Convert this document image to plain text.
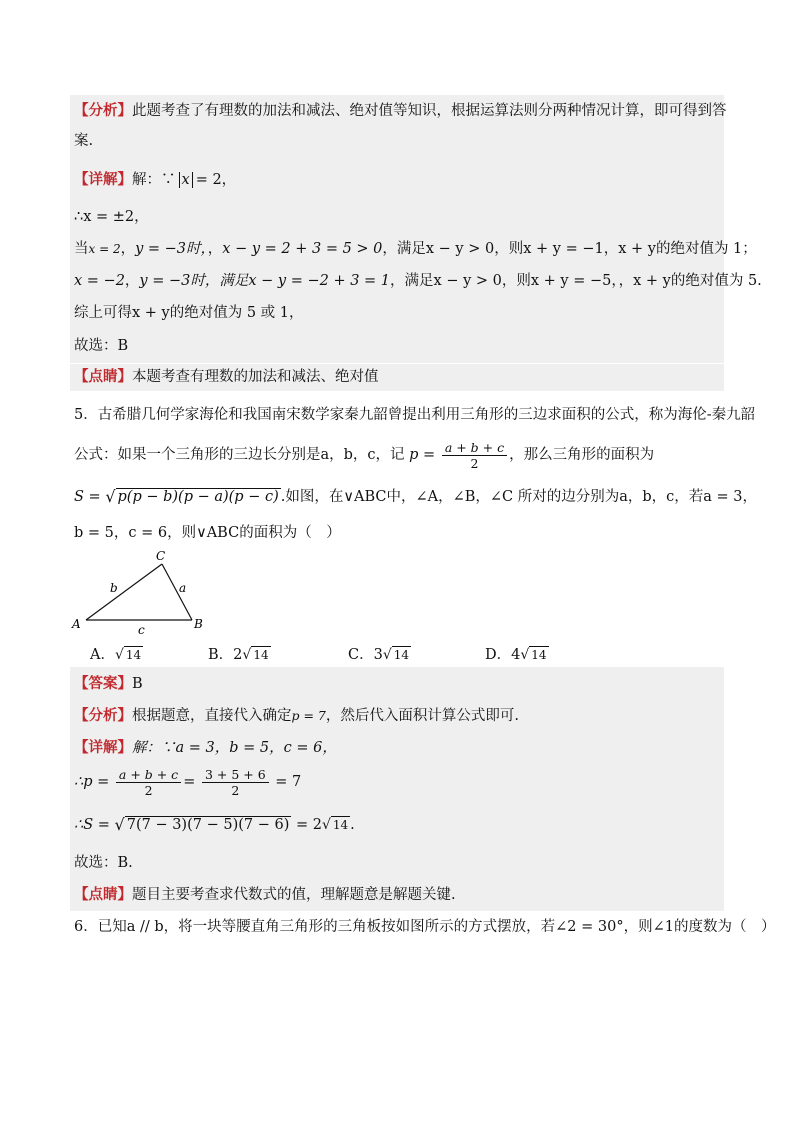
【分析】此题考查了有理数的加法和减法、绝对值等知识，根据运算法则分两种情况计算，即可得到答
案.
【详解】解：∵ x = 2，
∴x = ±2，
当x = 2，y = −3时，，x − y = 2 + 3 = 5 > 0，满足x − y > 0，则x + y = −1，x + y的绝对值为 1；
x = −2，y = −3时，满足x − y = −2 + 3 = 1，满足x − y > 0，则x + y = −5，，x + y的绝对值为 5.
综上可得x + y的绝对值为 5 或 1，
故选：B
【点睛】本题考查有理数的加法和减法、绝对值
5．古希腊几何学家海伦和我国南宋数学家秦九韶曾提出利用三角形的三边求面积的公式，称为海伦-秦九韶
公式：如果一个三角形的三边长分别是a，b，c，记 $p = \frac{a + b + c}{2}$ ，那么三角形的面积为
S = √ p(p − b)(p − a)(p − c) .如图，在∨ABC中，∠A，∠B，∠C 所对的边分别为a，b，c，若a = 3，
b = 5，c = 6，则∨ABC的面积为（　）
A	B
C
a
b
c
A． √ 14	B．2 √ 14	C．3 √ 14	D．4 √ 14
【答案】B
【分析】根据题意，直接代入确定p = 7，然后代入面积计算公式即可.
【详解】解：∵a = 3，b = 5，c = 6，
∴p = $\frac{a + b + c}{2} = \frac{3 + 5 + 6}{2} = 7$
∴S = √ 7(7 − 3)(7 − 5)(7 − 6) = 2 √ 14 .
故选：B.
【点睛】题目主要考查求代数式的值，理解题意是解题关键.
6．已知a // b，将一块等腰直角三角形的三角板按如图所示的方式摆放，若∠2 = 30°，则∠1的度数为（　）
